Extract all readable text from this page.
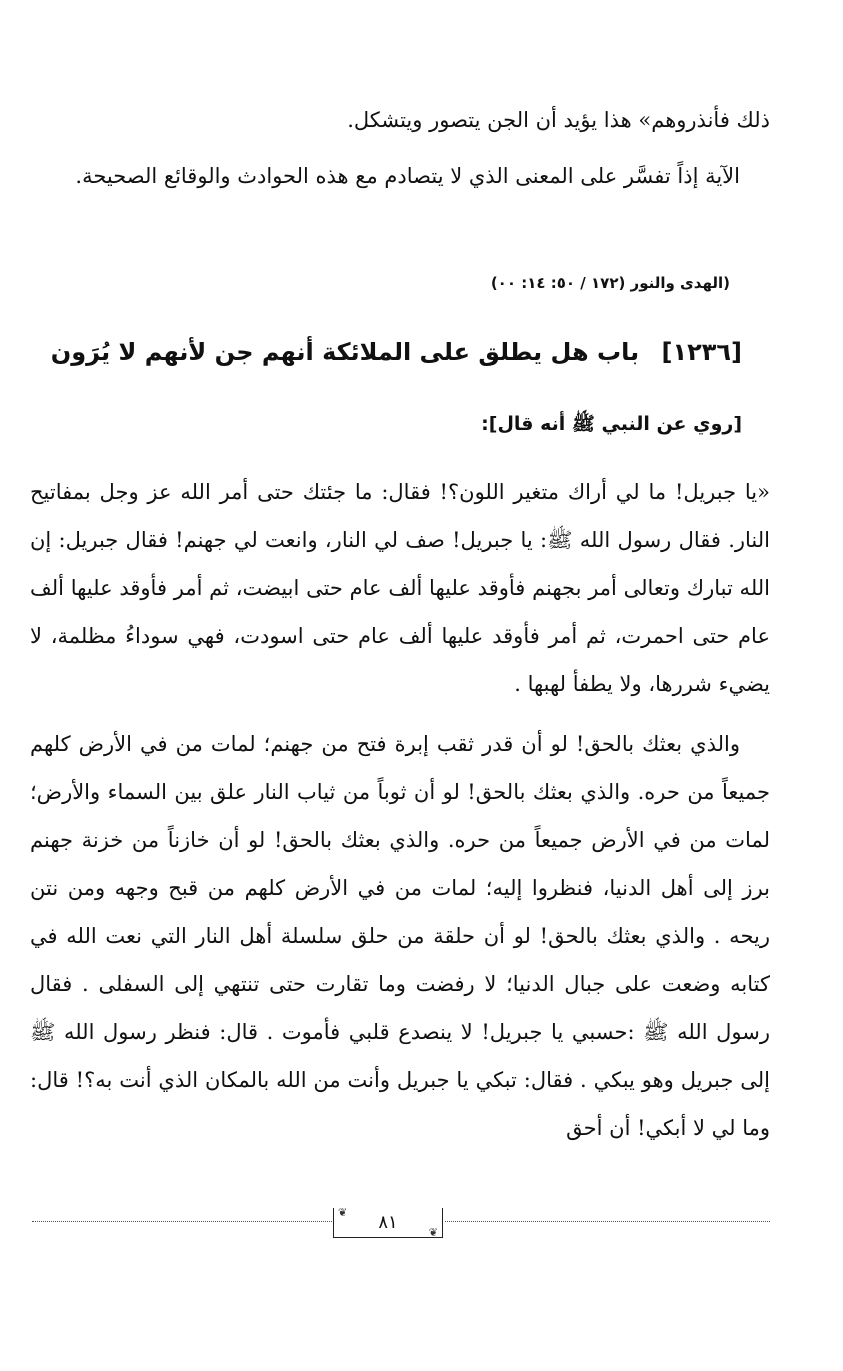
ذلك فأنذروهم» هذا يؤيد أن الجن يتصور ويتشكل.

الآية إذاً تفسَّر على المعنى الذي لا يتصادم مع هذه الحوادث والوقائع الصحيحة.

(الهدى والنور (١٧٢ / ٥٠: ١٤: ٠٠)
[١٢٣٦] باب هل يطلق على الملائكة أنهم جن لأنهم لا يُرَون
[روي عن النبي ﷺ أنه قال]:

«يا جبريل! ما لي أراك متغير اللون؟! فقال: ما جئتك حتى أمر الله عز وجل بمفاتيح النار. فقال رسول الله ﷺ: يا جبريل! صف لي النار، وانعت لي جهنم! فقال جبريل: إن الله تبارك وتعالى أمر بجهنم فأوقد عليها ألف عام حتى ابيضت، ثم أمر فأوقد عليها ألف عام حتى احمرت، ثم أمر فأوقد عليها ألف عام حتى اسودت، فهي سوداءُ مظلمة، لا يضيء شررها، ولا يطفأ لهبها .

والذي بعثك بالحق! لو أن قدر ثقب إبرة فتح من جهنم؛ لمات من في الأرض كلهم جميعاً من حره. والذي بعثك بالحق! لو أن ثوباً من ثياب النار علق بين السماء والأرض؛ لمات من في الأرض جميعاً من حره. والذي بعثك بالحق! لو أن خازناً من خزنة جهنم برز إلى أهل الدنيا، فنظروا إليه؛ لمات من في الأرض كلهم من قبح وجهه ومن نتن ريحه . والذي بعثك بالحق! لو أن حلقة من حلق سلسلة أهل النار التي نعت الله في كتابه وضعت على جبال الدنيا؛ لا رفضت وما تقارت حتى تنتهي إلى السفلى . فقال رسول الله ﷺ :حسبي يا جبريل! لا ينصدع قلبي فأموت . قال: فنظر رسول الله ﷺ إلى جبريل وهو يبكي . فقال: تبكي يا جبريل وأنت من الله بالمكان الذي أنت به؟! قال: وما لي لا أبكي! أن أحق

❦ ٨١	❦
